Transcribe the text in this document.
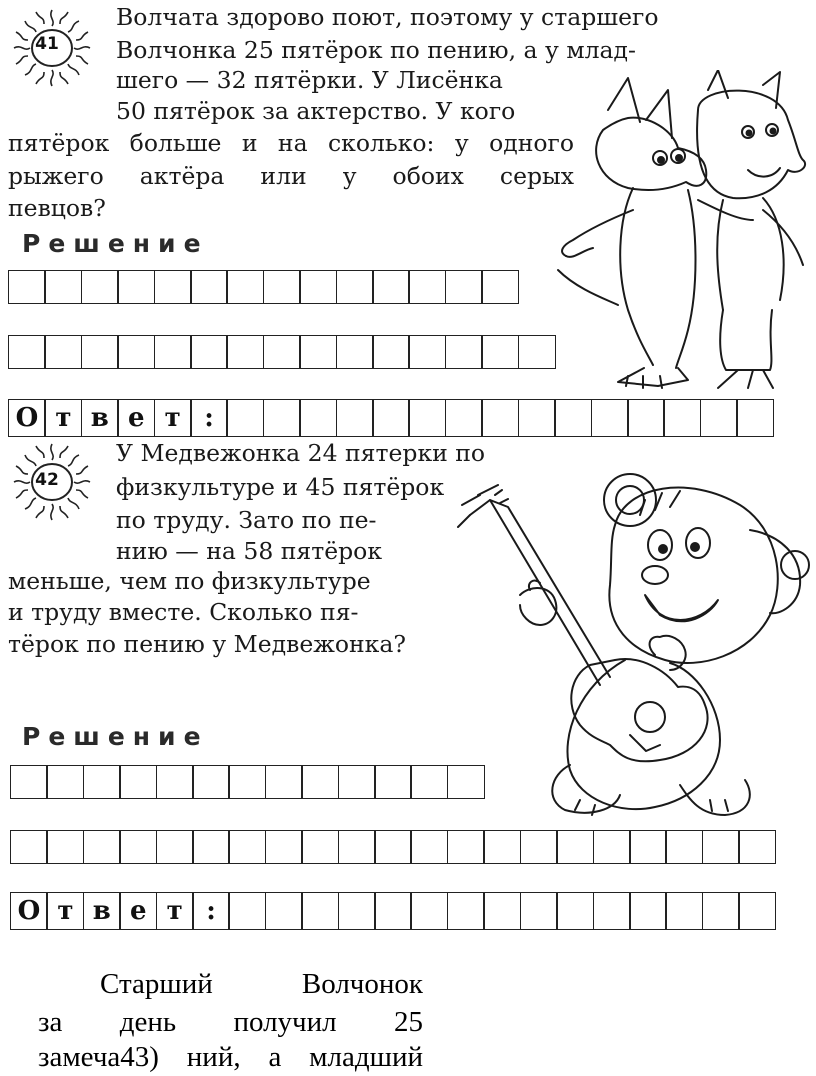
41

Волчата здорово поют, поэтому у старшего

Волчонка 25 пятёрок по пению, а у млад-

шего — 32 пятёрки. У Лисёнка

50 пятёрок за актерство. У кого

пятёрок больше и на сколько: у одного

рыжего актёра или у обоих серых

певцов?

Решение
О т в е т :
42

У Медвежонка 24 пятерки по

физкультуре и 45 пятёрок

по труду. Зато по пе-

нию — на 58 пятёрок

меньше, чем по физкультуре

и труду вместе. Сколько пя-

тёрок по пению у Медвежонка?

Решение
О т в е т :
Старший Волчонок
за день получил 25
замеча43) ний, а младший
